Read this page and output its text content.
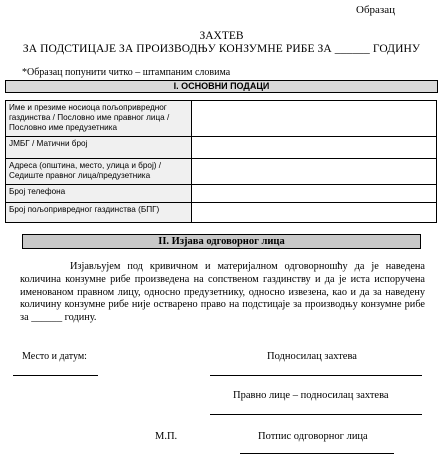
Образац
ЗАХТЕВ
ЗА ПОДСТИЦАЈЕ ЗА ПРОИЗВОДЊУ КОНЗУМНЕ РИБЕ ЗА ______ ГОДИНУ
*Образац попунити читко – штампаним словима
I. ОСНОВНИ ПОДАЦИ
Име и презиме носиоца пољопривредног газдинства / Пословно име правног лица / Пословно име предузетника	
ЈМБГ / Матични број	
Адреса (општина, место, улица и број) / Седиште правног лица/предузетника	
Број телефона	
Број пољопривредног газдинства (БПГ)	
II. Изјава одговорног лица
Изјављујем под кривичном и материјалном одговорношћу да је наведена количина конзумне рибе произведена на сопственом газдинству и да је иста испоручена именованом правном лицу, односно предузетнику, односно извезена, као и да за наведену количину конзумне рибе није остварено право на подстицаје за производњу конзумне рибе за ______ годину.
Место и датум:	Подносилац захтева
Правно лице – подносилац захтева
М.П.	Потпис одговорног лица
